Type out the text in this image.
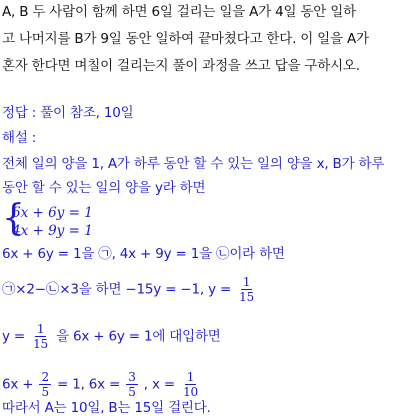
A, B 두 사람이 함께 하면 6일 걸리는 일을 A가 4일 동안 일하
고 나머지를 B가 9일 동안 일하여 끝마쳤다고 한다. 이 일을 A가
혼자 한다면 며칠이 걸리는지 풀이 과정을 쓰고 답을 구하시오.
정답 : 풀이 참조, 10일
해설 :
전체 일의 양을 1, A가 하루 동안 할 수 있는 일의 양을 x, B가 하루
동안 할 수 있는 일의 양을 y라 하면
{
6x + 6y = 1
4x + 9y = 1
6x + 6y = 1을 ㉠, 4x + 9y = 1을 ㉡이라 하면
㉠×2−㉡×3을 하면 −15y = −1, $y = \frac{1}{15}$
$y = \frac{1}{15}$ 을 6x + 6y = 1에 대입하면
$6x + \frac{2}{5} = 1$, $6x = \frac{3}{5}$ , $x = \frac{1}{10}$
따라서 A는 10일, B는 15일 걸린다.
